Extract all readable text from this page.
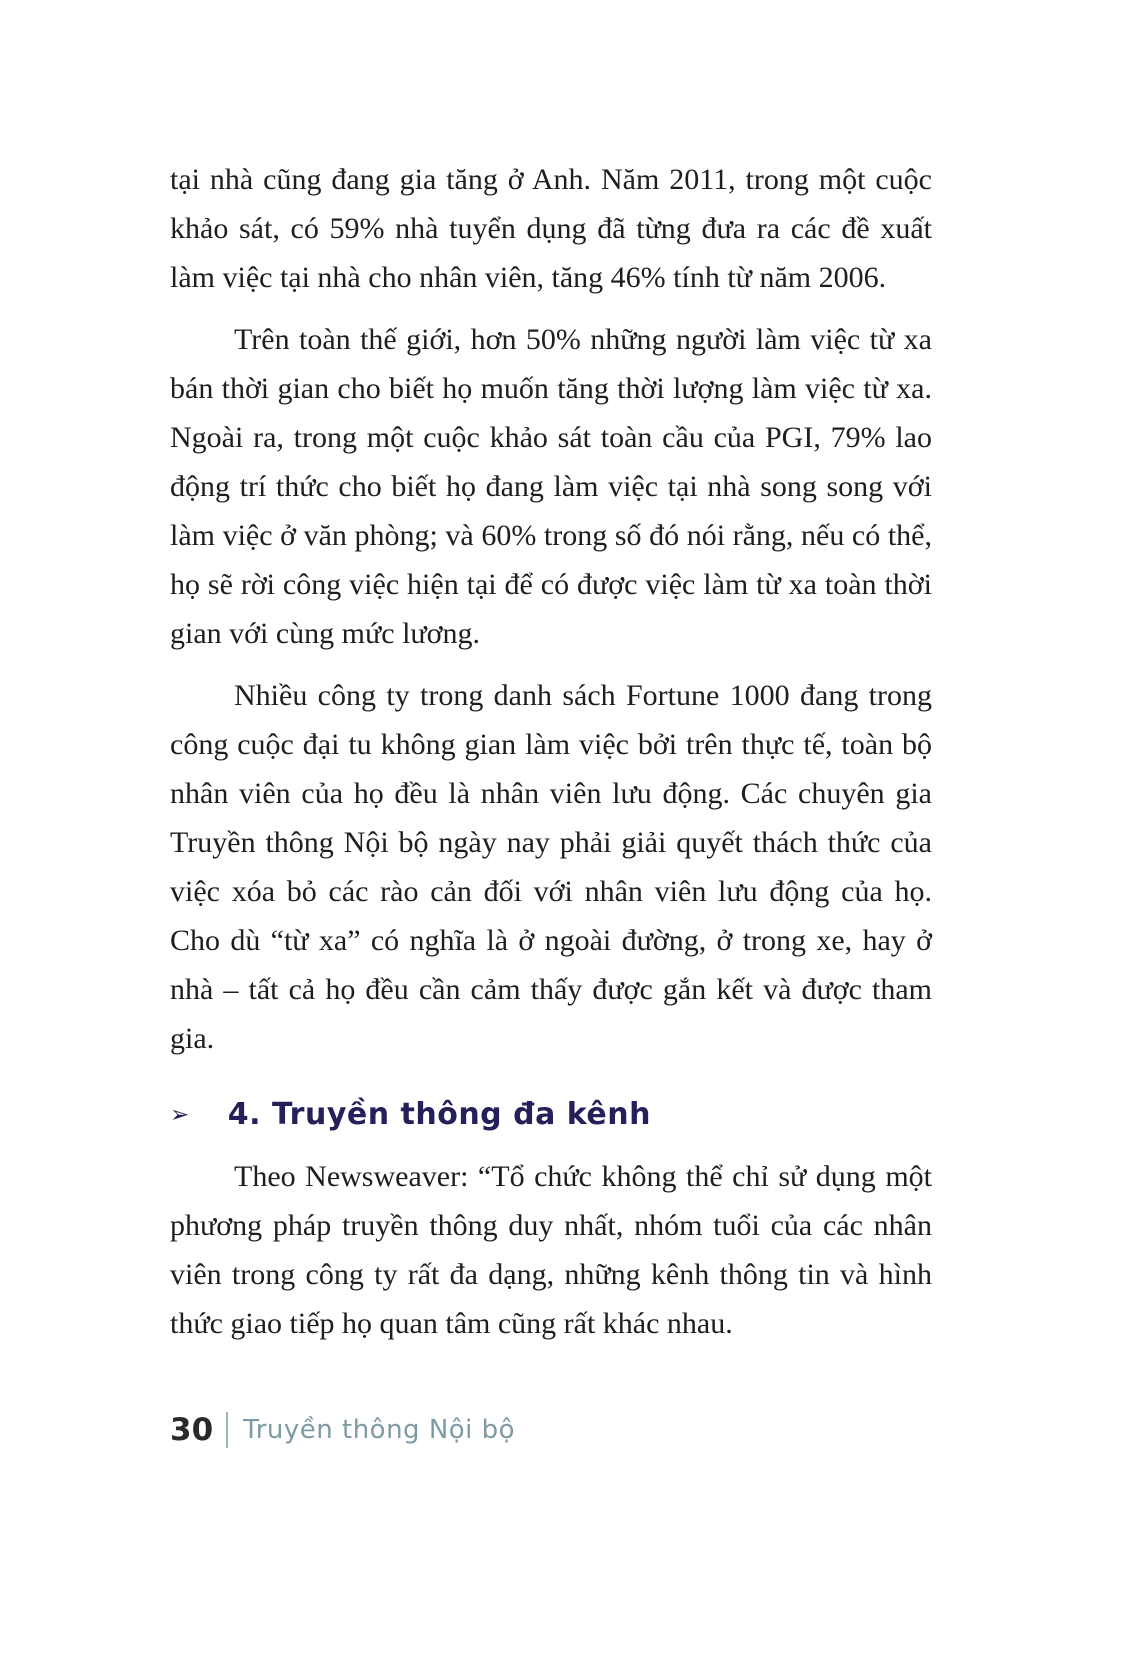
tại nhà cũng đang gia tăng ở Anh. Năm 2011, trong một cuộc khảo sát, có 59% nhà tuyển dụng đã từng đưa ra các đề xuất làm việc tại nhà cho nhân viên, tăng 46% tính từ năm 2006.

Trên toàn thế giới, hơn 50% những người làm việc từ xa bán thời gian cho biết họ muốn tăng thời lượng làm việc từ xa. Ngoài ra, trong một cuộc khảo sát toàn cầu của PGI, 79% lao động trí thức cho biết họ đang làm việc tại nhà song song với làm việc ở văn phòng; và 60% trong số đó nói rằng, nếu có thể, họ sẽ rời công việc hiện tại để có được việc làm từ xa toàn thời gian với cùng mức lương.

Nhiều công ty trong danh sách Fortune 1000 đang trong công cuộc đại tu không gian làm việc bởi trên thực tế, toàn bộ nhân viên của họ đều là nhân viên lưu động. Các chuyên gia Truyền thông Nội bộ ngày nay phải giải quyết thách thức của việc xóa bỏ các rào cản đối với nhân viên lưu động của họ. Cho dù “từ xa” có nghĩa là ở ngoài đường, ở trong xe, hay ở nhà – tất cả họ đều cần cảm thấy được gắn kết và được tham gia.

➢ 4. Truyền thông đa kênh

Theo Newsweaver: “Tổ chức không thể chỉ sử dụng một phương pháp truyền thông duy nhất, nhóm tuổi của các nhân viên trong công ty rất đa dạng, những kênh thông tin và hình thức giao tiếp họ quan tâm cũng rất khác nhau.

30 Truyền thông Nội bộ
